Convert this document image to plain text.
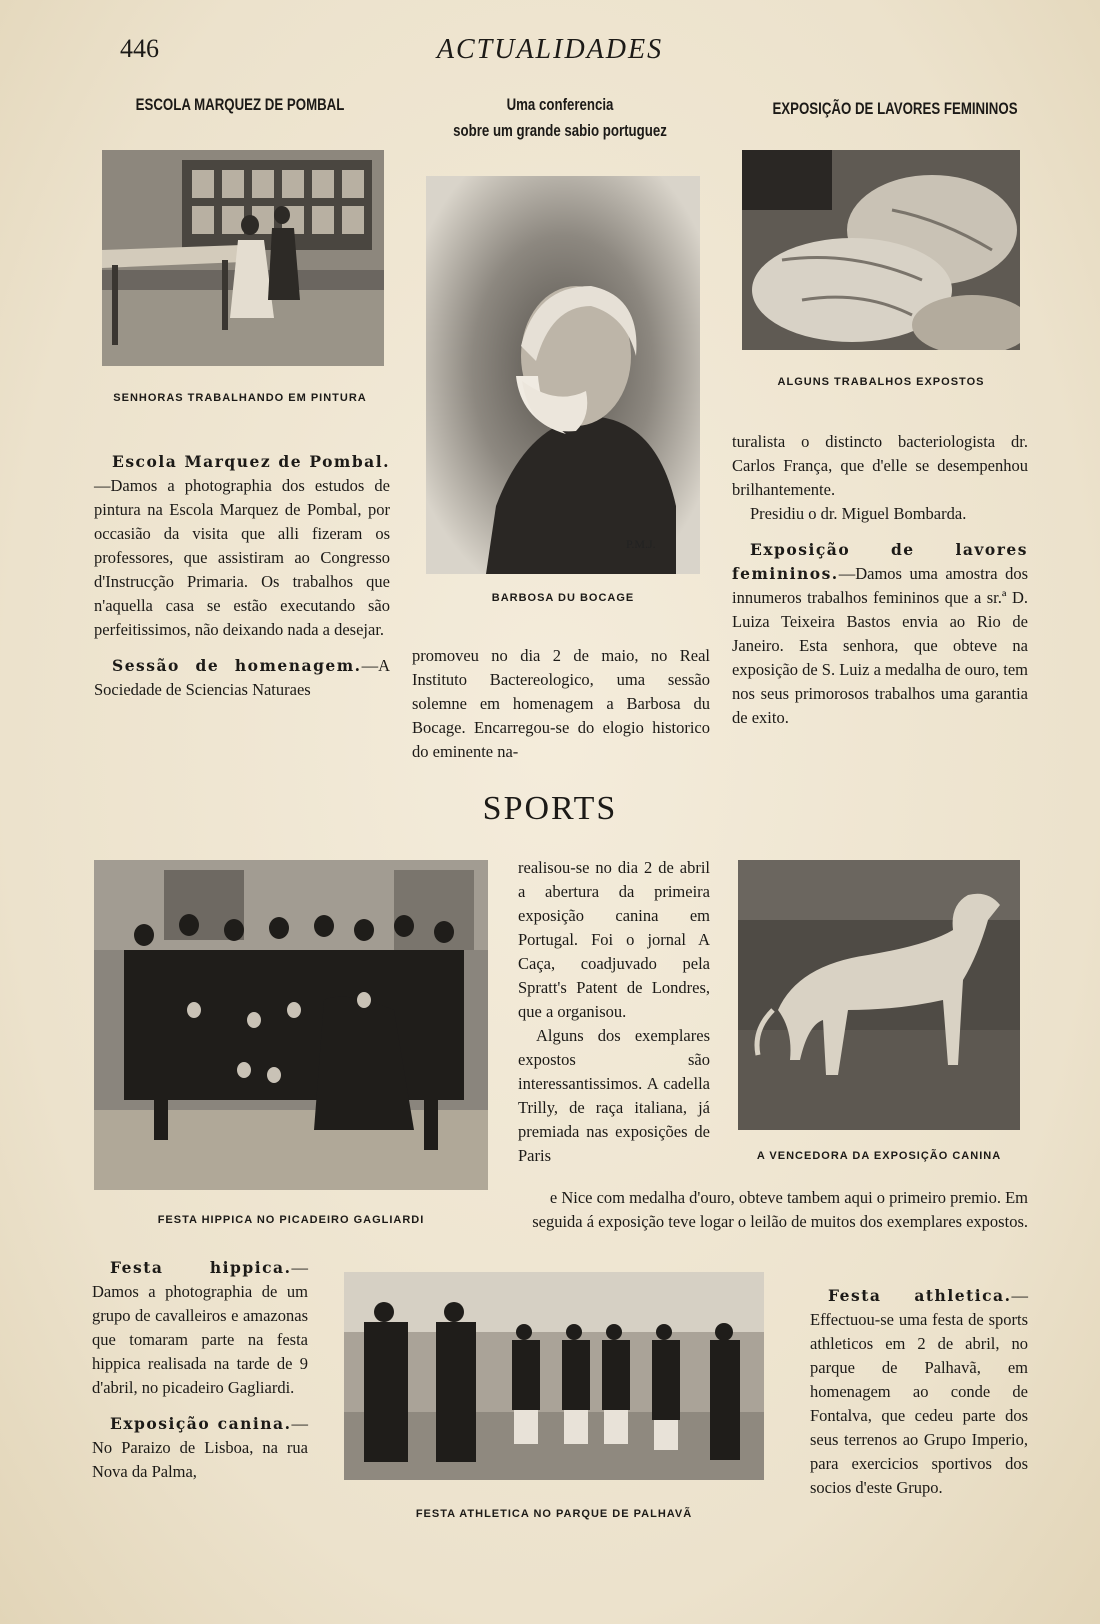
446	ACTUALIDADES
ESCOLA MARQUEZ DE POMBAL
SENHORAS TRABALHANDO EM PINTURA

Escola Marquez de Pombal.—Damos a photographia dos estudos de pintura na Escola Marquez de Pombal, por occasião da visita que alli fizeram os professores, que assistiram ao Congresso d'Instrucção Primaria. Os trabalhos que n'aquella casa se estão executando são perfeitissimos, não deixando nada a desejar.

Sessão de homenagem.—A Sociedade de Sciencias Naturaes

Uma conferencia
sobre um grande sabio portuguez
P.M.J.
BARBOSA DU BOCAGE

promoveu no dia 2 de maio, no Real Instituto Bactereologico, uma sessão solemne em homenagem a Barbosa du Bocage. Encarregou-se do elogio historico do eminente na-

EXPOSIÇÃO DE LAVORES FEMININOS
ALGUNS TRABALHOS EXPOSTOS

turalista o distincto bacteriologista dr. Carlos França, que d'elle se desempenhou brilhantemente.

Presidiu o dr. Miguel Bombarda.

Exposição de lavores femininos.—Damos uma amostra dos innumeros trabalhos femininos que a sr.ª D. Luiza Teixeira Bastos envia ao Rio de Janeiro. Esta senhora, que obteve na exposição de S. Luiz a medalha de ouro, tem nos seus primorosos trabalhos uma garantia de exito.

SPORTS
FESTA HIPPICA NO PICADEIRO GAGLIARDI

realisou-se no dia 2 de abril a abertura da primeira exposição canina em Portugal. Foi o jornal A Caça, coadjuvado pela Spratt's Patent de Londres, que a organisou.

Alguns dos exemplares expostos são interessantissimos. A cadella Trilly, de raça italiana, já premiada nas exposições de Paris	A VENCEDORA DA EXPOSIÇÃO CANINA

e Nice com medalha d'ouro, obteve tambem aqui o primeiro premio. Em seguida á exposição teve logar o leilão de muitos dos exemplares expostos.

Festa hippica.—Damos a photographia de um grupo de cavalleiros e amazonas que tomaram parte na festa hippica realisada na tarde de 9 d'abril, no picadeiro Gagliardi.

Exposição canina.—No Paraizo de Lisboa, na rua Nova da Palma,

FESTA ATHLETICA NO PARQUE DE PALHAVÃ

Festa athletica.—Effectuou-se uma festa de sports athleticos em 2 de abril, no parque de Palhavã, em homenagem ao conde de Fontalva, que cedeu parte dos seus terrenos ao Grupo Imperio, para exercicios sportivos dos socios d'este Grupo.
